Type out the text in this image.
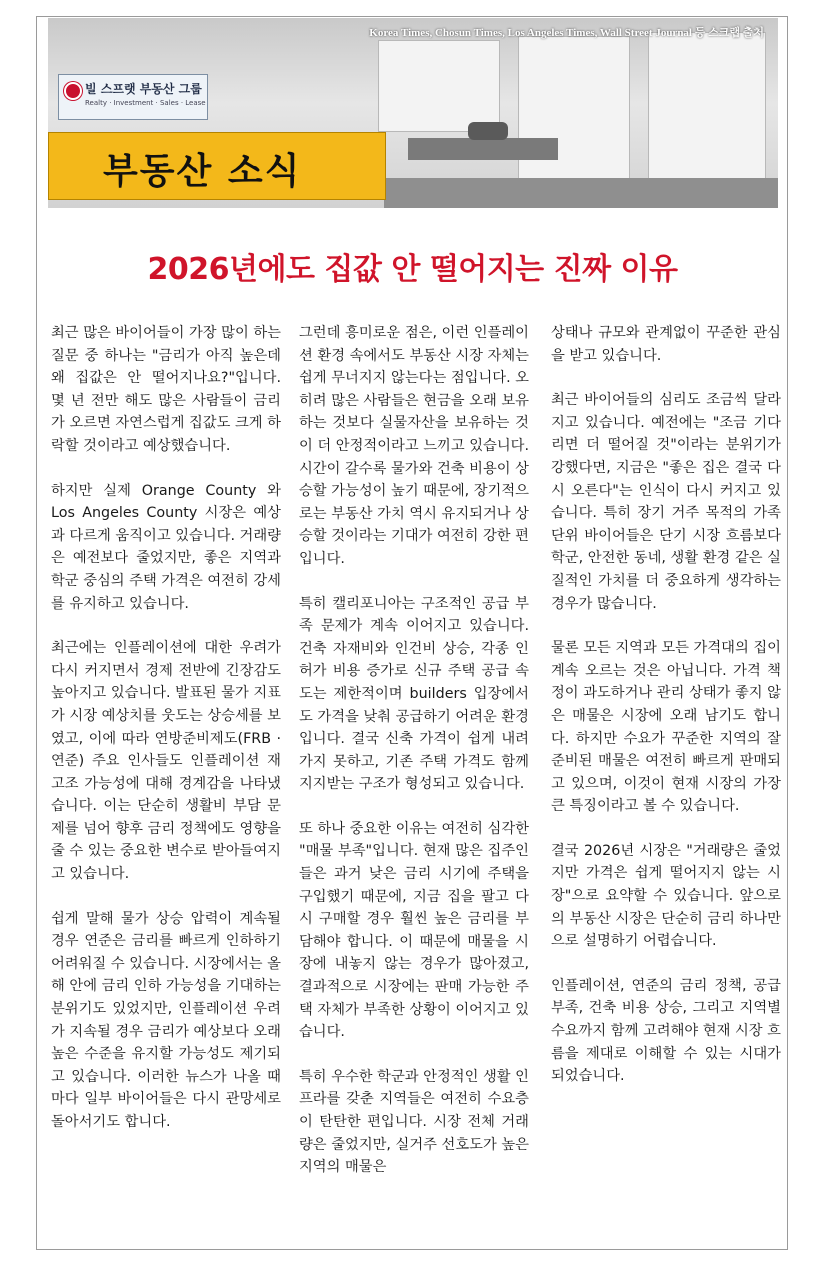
Korea Times, Chosun Times, Los Angeles Times, Wall Street Journal 등 스크랩 출처
빌 스프랫 부동산 그룹
Realty · Investment · Sales · Lease
부동산 소식
2026년에도 집값 안 떨어지는 진짜 이유

최근 많은 바이어들이 가장 많이 하는 질문 중 하나는 "금리가 아직 높은데 왜 집값은 안 떨어지나요?"입니다. 몇 년 전만 해도 많은 사람들이 금리가 오르면 자연스럽게 집값도 크게 하락할 것이라고 예상했습니다.

하지만 실제 Orange County 와 Los Angeles County 시장은 예상과 다르게 움직이고 있습니다. 거래량은 예전보다 줄었지만, 좋은 지역과 학군 중심의 주택 가격은 여전히 강세를 유지하고 있습니다.

최근에는 인플레이션에 대한 우려가 다시 커지면서 경제 전반에 긴장감도 높아지고 있습니다. 발표된 물가 지표가 시장 예상치를 웃도는 상승세를 보였고, 이에 따라 연방준비제도(FRB · 연준) 주요 인사들도 인플레이션 재고조 가능성에 대해 경계감을 나타냈습니다. 이는 단순히 생활비 부담 문제를 넘어 향후 금리 정책에도 영향을 줄 수 있는 중요한 변수로 받아들여지고 있습니다.

쉽게 말해 물가 상승 압력이 계속될 경우 연준은 금리를 빠르게 인하하기 어려워질 수 있습니다. 시장에서는 올해 안에 금리 인하 가능성을 기대하는 분위기도 있었지만, 인플레이션 우려가 지속될 경우 금리가 예상보다 오래 높은 수준을 유지할 가능성도 제기되고 있습니다. 이러한 뉴스가 나올 때마다 일부 바이어들은 다시 관망세로 돌아서기도 합니다.

그런데 흥미로운 점은, 이런 인플레이션 환경 속에서도 부동산 시장 자체는 쉽게 무너지지 않는다는 점입니다. 오히려 많은 사람들은 현금을 오래 보유하는 것보다 실물자산을 보유하는 것이 더 안정적이라고 느끼고 있습니다. 시간이 갈수록 물가와 건축 비용이 상승할 가능성이 높기 때문에, 장기적으로는 부동산 가치 역시 유지되거나 상승할 것이라는 기대가 여전히 강한 편입니다.

특히 캘리포니아는 구조적인 공급 부족 문제가 계속 이어지고 있습니다. 건축 자재비와 인건비 상승, 각종 인허가 비용 증가로 신규 주택 공급 속도는 제한적이며 builders 입장에서도 가격을 낮춰 공급하기 어려운 환경입니다. 결국 신축 가격이 쉽게 내려가지 못하고, 기존 주택 가격도 함께 지지받는 구조가 형성되고 있습니다.

또 하나 중요한 이유는 여전히 심각한 "매물 부족"입니다. 현재 많은 집주인들은 과거 낮은 금리 시기에 주택을 구입했기 때문에, 지금 집을 팔고 다시 구매할 경우 훨씬 높은 금리를 부담해야 합니다. 이 때문에 매물을 시장에 내놓지 않는 경우가 많아졌고, 결과적으로 시장에는 판매 가능한 주택 자체가 부족한 상황이 이어지고 있습니다.

특히 우수한 학군과 안정적인 생활 인프라를 갖춘 지역들은 여전히 수요층이 탄탄한 편입니다. 시장 전체 거래량은 줄었지만, 실거주 선호도가 높은 지역의 매물은

상태나 규모와 관계없이 꾸준한 관심을 받고 있습니다.

최근 바이어들의 심리도 조금씩 달라지고 있습니다. 예전에는 "조금 기다리면 더 떨어질 것"이라는 분위기가 강했다면, 지금은 "좋은 집은 결국 다시 오른다"는 인식이 다시 커지고 있습니다. 특히 장기 거주 목적의 가족 단위 바이어들은 단기 시장 흐름보다 학군, 안전한 동네, 생활 환경 같은 실질적인 가치를 더 중요하게 생각하는 경우가 많습니다.

물론 모든 지역과 모든 가격대의 집이 계속 오르는 것은 아닙니다. 가격 책정이 과도하거나 관리 상태가 좋지 않은 매물은 시장에 오래 남기도 합니다. 하지만 수요가 꾸준한 지역의 잘 준비된 매물은 여전히 빠르게 판매되고 있으며, 이것이 현재 시장의 가장 큰 특징이라고 볼 수 있습니다.

결국 2026년 시장은 "거래량은 줄었지만 가격은 쉽게 떨어지지 않는 시장"으로 요약할 수 있습니다. 앞으로의 부동산 시장은 단순히 금리 하나만으로 설명하기 어렵습니다.

인플레이션, 연준의 금리 정책, 공급 부족, 건축 비용 상승, 그리고 지역별 수요까지 함께 고려해야 현재 시장 흐름을 제대로 이해할 수 있는 시대가 되었습니다.
